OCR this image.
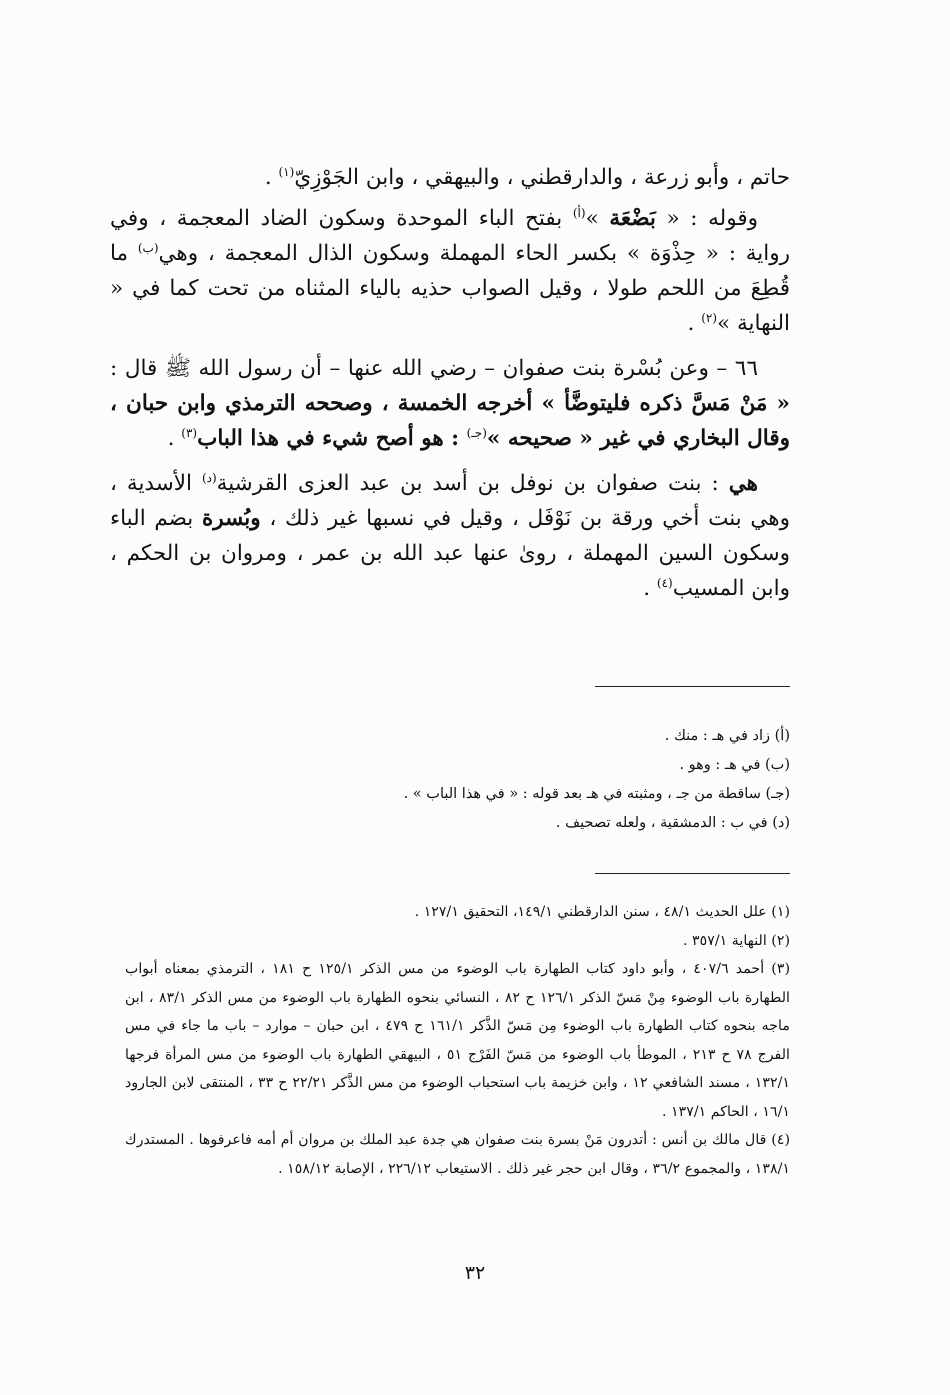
حاتم ، وأبو زرعة ، والدارقطني ، والبيهقي ، وابن الجَوْزِيّ$^{(١)}$ .

وقوله : « بَضْعَة »$^{(أ)}$ بفتح الباء الموحدة وسكون الضاد المعجمة ، وفي رواية : « حِذْوَة » بكسر الحاء المهملة وسكون الذال المعجمة ، وهي$^{(ب)}$ ما قُطِعَ من اللحم طولا ، وقيل الصواب حذيه بالياء المثناه من تحت كما في « النهاية »$^{(٢)}$ .

٦٦ – وعن بُسْرة بنت صفوان – رضي الله عنها – أن رسول الله ﷺ قال : « مَنْ مَسَّ ذكره فليتوضَّأ » أخرجه الخمسة ، وصححه الترمذي وابن حبان ، وقال البخاري في غير « صحيحه »$^{(جـ)}$ : هو أصح شيء في هذا الباب$^{(٣)}$ .

هي : بنت صفوان بن نوفل بن أسد بن عبد العزى القرشية$^{(د)}$ الأسدية ، وهي بنت أخي ورقة بن نَوْفَل ، وقيل في نسبها غير ذلك ، وبُسرة بضم الباء وسكون السين المهملة ، روىٰ عنها عبد الله بن عمر ، ومروان بن الحكم ، وابن المسيب$^{(٤)}$ .

(أ) زاد في هـ : منك .
(ب) في هـ : وهو .
(جـ) ساقطة من جـ ، ومثبته في هـ بعد قوله : « في هذا الباب » .
(د) في ب : الدمشقية ، ولعله تصحيف .

(١) علل الحديث ٤٨/١ ، سنن الدارقطني ١٤٩/١، التحقيق ١٢٧/١ .

(٢) النهاية ٣٥٧/١ .

(٣) أحمد ٤٠٧/٦ ، وأبو داود كتاب الطهارة باب الوضوء من مس الذكر ١٢٥/١ ح ١٨١ ، الترمذي بمعناه أبواب الطهارة باب الوضوء مِنْ مَسّ الذكر ١٢٦/١ ح ٨٢ ، النسائي بنحوه الطهارة باب الوضوء من مس الذكر ٨٣/١ ، ابن ماجه بنحوه كتاب الطهارة باب الوضوء مِن مَسّ الذَّكر ١٦١/١ ح ٤٧٩ ، ابن حبان – موارد – باب ما جاء في مس الفرج ٧٨ ح ٢١٣ ، الموطأ باب الوضوء من مَسّ الفَرْج ٥١ ، البيهقي الطهارة باب الوضوء من مس المرأة فرجها ١٣٢/١ ، مسند الشافعي ١٢ ، وابن خزيمة باب استحباب الوضوء من مس الذَّكر ٢٢/٢١ ح ٣٣ ، المنتقى لابن الجارود ١٦/١ ، الحاكم ١٣٧/١ .

(٤) قال مالك بن أنس : أتدرون مَنْ بسرة بنت صفوان هي جدة عبد الملك بن مروان أم أمه فاعرفوها . المستدرك ١٣٨/١ ، والمجموع ٣٦/٢ ، وقال ابن حجر غير ذلك . الاستيعاب ٢٢٦/١٢ ، الإصابة ١٥٨/١٢ .

٣٢
